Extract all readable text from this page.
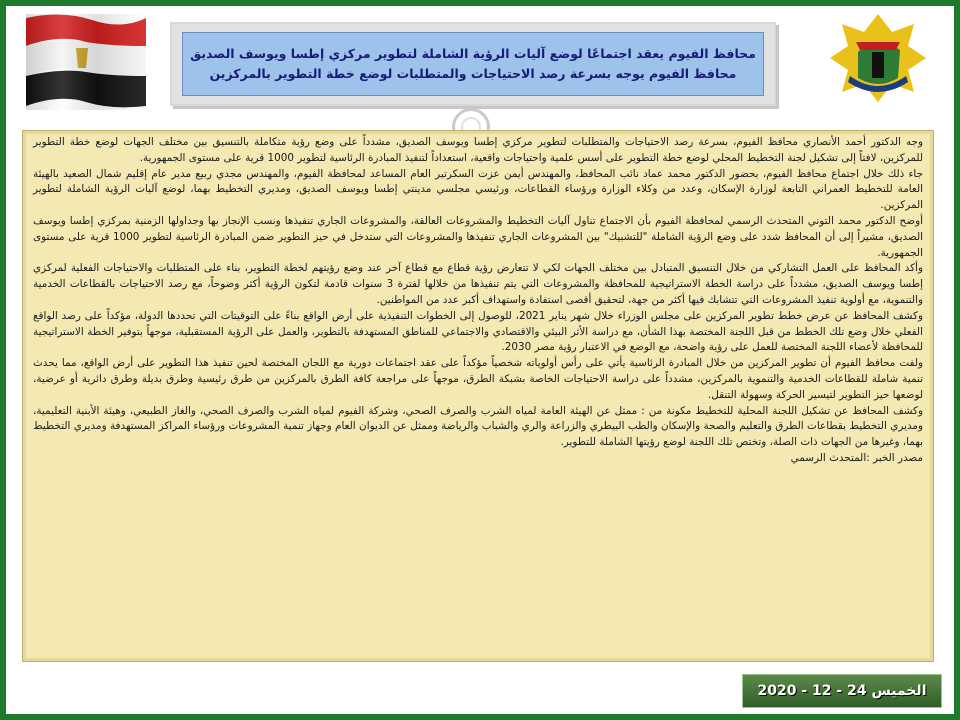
محافظ الفيوم يعقد اجتماعًا لوضع آليات الرؤية الشاملة لتطوير مركزي إطسا ويوسف الصديق
محافظ الفيوم يوجه بسرعة رصد الاحتياجات والمتطلبات لوضع خطة التطوير بالمركزين

وجه الدكتور أحمد الأنصاري محافظ الفيوم، بسرعة رصد الاحتياجات والمتطلبات لتطوير مركزي إطسا ويوسف الصديق، مشدداً على وضع رؤية متكاملة بالتنسيق بين مختلف الجهات لوضع خطة التطوير للمركزين، لافتاً إلى تشكيل لجنة التخطيط المحلي لوضع خطة التطوير على أسس علمية واحتياجات واقعية، استعداداً لتنفيذ المبادرة الرئاسية لتطوير 1000 قرية على مستوى الجمهورية.

جاء ذلك خلال اجتماع محافظ الفيوم، بحضور الدكتور محمد عماد نائب المحافظ، والمهندس أيمن عزت السكرتير العام المساعد لمحافظة الفيوم، والمهندس مجدي ربيع مدير عام إقليم شمال الصعيد بالهيئة العامة للتخطيط العمراني التابعة لوزارة الإسكان، وعدد من وكلاء الوزارة ورؤساء القطاعات، ورئيسي مجلسي مدينتي إطسا ويوسف الصديق، ومديري التخطيط بهما، لوضع آليات الرؤية الشاملة لتطوير المركزين.

أوضح الدكتور محمد التوني المتحدث الرسمي لمحافظة الفيوم بأن الاجتماع تناول آليات التخطيط والمشروعات العالقة، والمشروعات الجاري تنفيذها ونسب الإنجاز بها وجداولها الزمنية بمركزي إطسا ويوسف الصديق، مشيراً إلى أن المحافظ شدد على وضع الرؤية الشاملة "للتشبيك" بين المشروعات الجاري تنفيذها والمشروعات التي ستدخل في حيز التطوير ضمن المبادرة الرئاسية لتطوير 1000 قرية على مستوى الجمهورية.

وأكد المحافظ على العمل التشاركي من خلال التنسيق المتبادل بين مختلف الجهات لكي لا تتعارض رؤية قطاع مع قطاع آخر عند وضع رؤيتهم لخطة التطوير، بناء على المتطلبات والاحتياجات الفعلية لمركزي إطسا ويوسف الصديق، مشدداً على دراسة الخطة الاستراتيجية للمحافظة والمشروعات التي يتم تنفيذها من خلالها لفترة 3 سنوات قادمة لتكون الرؤية أكثر وضوحاً، مع رصد الاحتياجات بالقطاعات الخدمية والتنموية، مع أولوية تنفيذ المشروعات التي تتشابك فيها أكثر من جهة، لتحقيق أقصى استفادة واستهداف أكبر عدد من المواطنين.

وكشف المحافظ عن عرض خطط تطوير المركزين على مجلس الوزراء خلال شهر يناير 2021، للوصول إلى الخطوات التنفيذية على أرض الواقع بناءً على التوقيتات التي تحددها الدولة، مؤكداً على رصد الواقع الفعلي خلال وضع تلك الخطط من قبل اللجنة المختصة بهذا الشأن، مع دراسة الأثر البيئي والاقتصادي والاجتماعي للمناطق المستهدفة بالتطوير، والعمل على الرؤية المستقبلية، موجهاً بتوفير الخطة الاستراتيجية للمحافظة لأعضاء اللجنة المختصة للعمل على رؤية واضحة، مع الوضع في الاعتبار رؤية مصر 2030.

ولفت محافظ الفيوم أن تطوير المركزين من خلال المبادرة الرئاسية يأتي على رأس أولوياته شخصياً مؤكداً على عقد اجتماعات دورية مع اللجان المختصة لحين تنفيذ هذا التطوير على أرض الواقع، مما يحدث تنمية شاملة للقطاعات الخدمية والتنموية بالمركزين، مشدداً على دراسة الاحتياجات الخاصة بشبكة الطرق، موجهاً على مراجعة كافة الطرق بالمركزين من طرق رئيسية وطرق بديلة وطرق دائرية أو عرضية، لوضعها حيز التطوير لتيسير الحركة وسهولة التنقل.

وكشف المحافظ عن تشكيل اللجنة المحلية للتخطيط مكونة من : ممثل عن الهيئة العامة لمياه الشرب والصرف الصحي، وشركة الفيوم لمياه الشرب والصرف الصحي، والغاز الطبيعي، وهيئة الأبنية التعليمية، ومديري التخطيط بقطاعات الطرق والتعليم والصحة والإسكان والطب البيطري والزراعة والري والشباب والرياضة وممثل عن الديوان العام وجهاز تنمية المشروعات ورؤساء المراكز المستهدفة ومديري التخطيط بهما، وغيرها من الجهات ذات الصلة، وتختص تلك اللجنة لوضع رؤيتها الشاملة للتطوير.

مصدر الخبر :المتحدث الرسمي

الخميس 24 - 12 - 2020
